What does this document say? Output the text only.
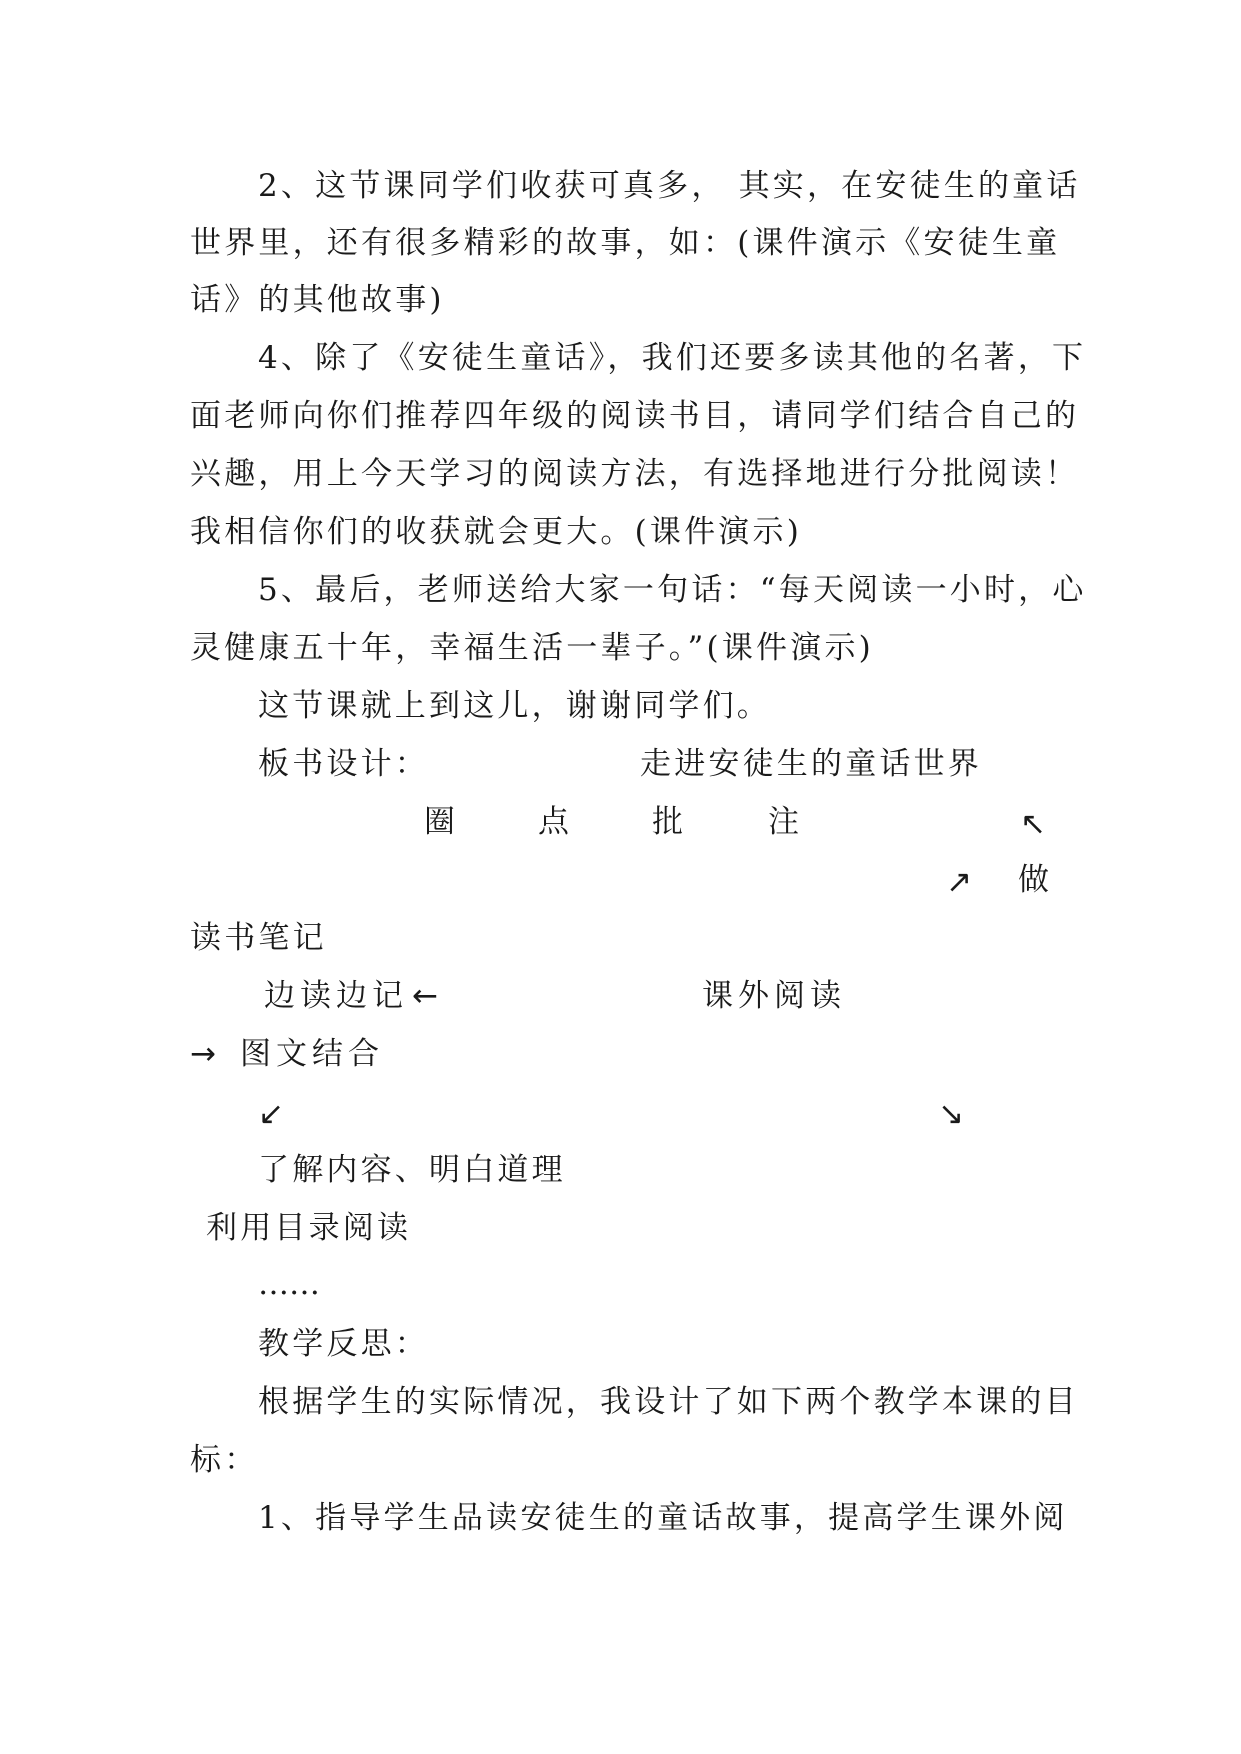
2、这节课同学们收获可真多， 其实，在安徒生的童话
世界里，还有很多精彩的故事，如：(课件演示《安徒生童
话》的其他故事)
4、除了《安徒生童话》，我们还要多读其他的名著，下
面老师向你们推荐四年级的阅读书目，请同学们结合自己的
兴趣，用上今天学习的阅读方法，有选择地进行分批阅读！
我相信你们的收获就会更大。(课件演示)
5、最后，老师送给大家一句话：“每天阅读一小时，心
灵健康五十年，幸福生活一辈子。”(课件演示)
这节课就上到这儿，谢谢同学们。
板书设计：	走进安徒生的童话世界
圈	点	批	注	↖
↗ 做
读书笔记
边读边记 ←	课外阅读
→ 图文结合
↙	↘
了解内容、明白道理
利用目录阅读
……
教学反思：
根据学生的实际情况，我设计了如下两个教学本课的目
标：
1、指导学生品读安徒生的童话故事，提高学生课外阅
